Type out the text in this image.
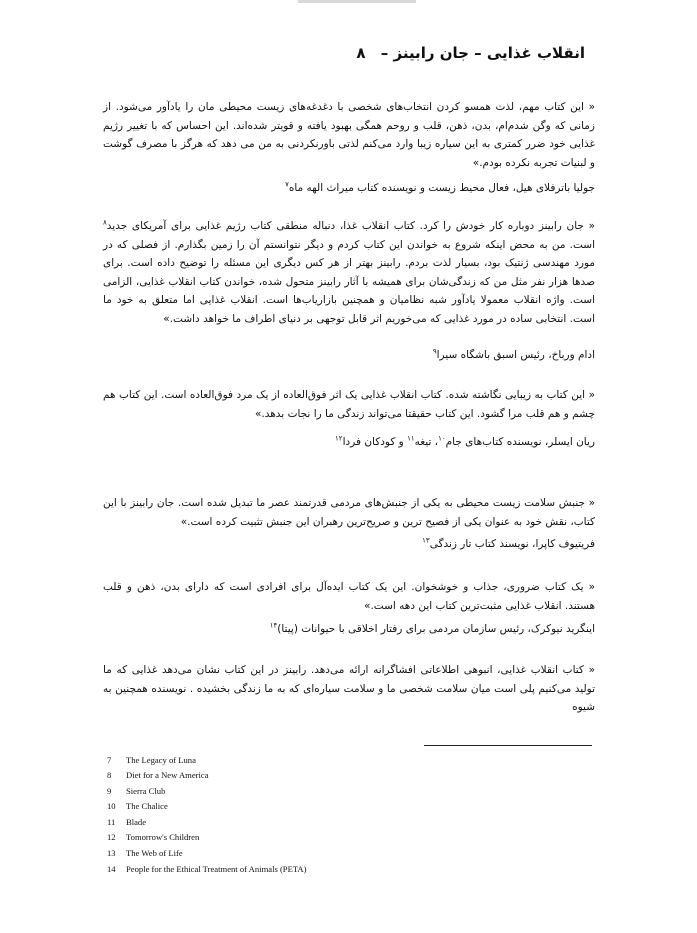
انقلاب غذایی – جان رابینز – ۸
« این کتاب مهم، لذت همسو کردن انتخاب‌های شخصی با دغدغه‌های زیست محیطی مان را یادآور می‌شود. از زمانی که وگن شدم‌ام، بدن، ذهن، قلب و روحم همگی بهبود یافته و قویتر شده‌اند. این احساس که با تغییر رژیم غذایی خود ضرر کمتری به این سیاره زیبا وارد می‌کنم لذتی باورنکردنی به من می دهد که هرگز با مصرف گوشت و لبنیات تجربه نکرده بودم.»
جولیا باترفلای هیل، فعال محیط زیست و نویسنده کتاب میراث الهه ماه$^۷$
« جان رابینز دوباره کار خودش را کرد. کتاب انقلاب غذا، دنباله منطقی کتاب رژیم غذایی برای آمریکای جدید$^۸$ است. من به محض اینکه شروع به خواندن این کتاب کردم و دیگر نتوانستم آن را زمین بگذارم. از فصلی که در مورد مهندسی ژنتیک بود، بسیار لذت بردم. رابینز بهتر از هر کس دیگری این مسئله را توضیح داده است. برای صدها هزار نفر مثل من که زندگی‌شان برای همیشه با آثار رابینز متحول شده، خواندن کتاب انقلاب غذایی، الزامی است. واژه انقلاب معمولا یادآور شبه نظامیان و همچنین بازاریاب‌ها است. انقلاب غذایی اما متعلق به خود ما است. انتخابی ساده در مورد غذایی که می‌خوریم اثر قابل توجهی بر دنیای اطراف ما خواهد داشت.»
ادام ورباخ، رئیس اسبق باشگاه سیرا$^۹$
« این کتاب به زیبایی نگاشته شده. کتاب انقلاب غذایی یک اثر فوق‌العاده از یک مرد فوق‌العاده است. این کتاب هم چشم و هم قلب مرا گشود. این کتاب حقیقتا می‌تواند زندگی ما را نجات بدهد.»
ریان ایسلر، نویسنده کتاب‌های جام$^{۱۰}$، تیغه$^{۱۱}$ و کودکان فردا$^{۱۲}$
« جنبش سلامت زیست محیطی به یکی از جنبش‌های مردمی قدرتمند عصر ما تبدیل شده است. جان رابینز با این کتاب، نقش خود به عنوان یکی از فصیح ترین و صریح‌ترین رهبران این جنبش تثبیت کرده است.»
فریتیوف کاپرا، نویسند کتاب تار زندگی$^{۱۳}$
« یک کتاب ضروری، جذاب و خوشخوان. این یک کتاب ایده‌آل برای افرادی است که دارای بدن، ذهن و قلب هستند. انقلاب غذایی مثبت‌ترین کتاب این دهه است.»
اینگرید نیوکرک، رئیس سازمان مردمی برای رفتار اخلاقی با حیوانات (پیتا)$^{۱۴}$
« کتاب انقلاب غذایی، انبوهی اطلاعاتی افشاگرانه ارائه می‌دهد. رابینز در این کتاب نشان می‌دهد غذایی که ما تولید می‌کنیم پلی است میان سلامت شخصی ما و سلامت سیاره‌ای که به ما زندگی بخشیده . نویسنده همچنین به شیوه
7 The Legacy of Luna
8 Diet for a New America
9 Sierra Club
10 The Chalice
11 Blade
12 Tomorrow's Children
13 The Web of Life
14 People for the Ethical Treatment of Animals (PETA)
